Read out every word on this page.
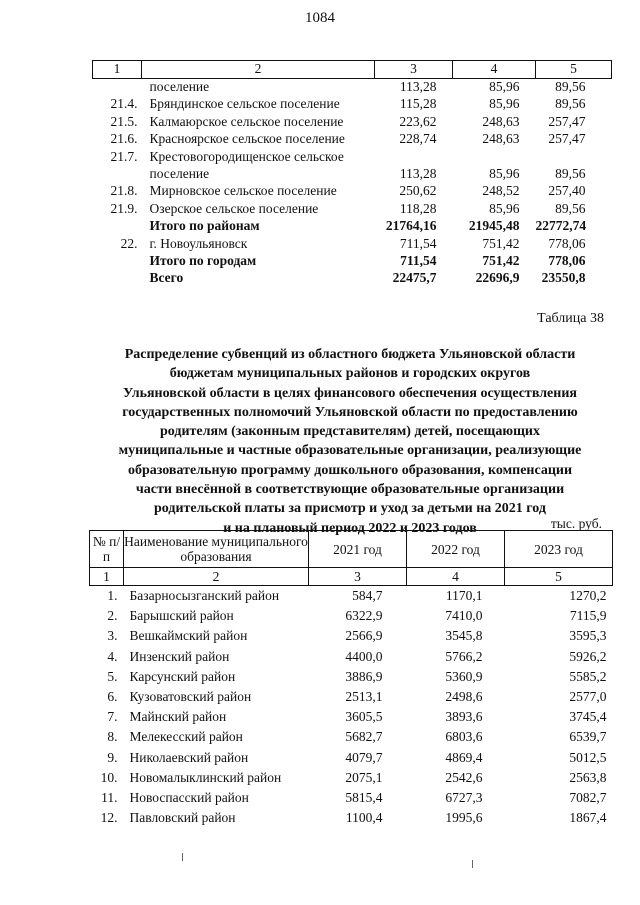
1084
1	2	3	4	5
	поселение	113,28	85,96	89,56
21.4.	Бряндинское сельское поселение	115,28	85,96	89,56
21.5.	Калмаюрское сельское поселение	223,62	248,63	257,47
21.6.	Красноярское сельское поселение	228,74	248,63	257,47
21.7.	Крестовогородищенское сельское			
	поселение	113,28	85,96	89,56
21.8.	Мирновское сельское поселение	250,62	248,52	257,40
21.9.	Озерское сельское поселение	118,28	85,96	89,56
	Итого по районам	21764,16	21945,48	22772,74
22.	г. Новоульяновск	711,54	751,42	778,06
	Итого по городам	711,54	751,42	778,06
	Всего	22475,7	22696,9	23550,8
Таблица 38
Распределение субвенций из областного бюджета Ульяновской области
бюджетам муниципальных районов и городских округов
Ульяновской области в целях финансового обеспечения осуществления
государственных полномочий Ульяновской области по предоставлению
родителям (законным представителям) детей, посещающих
муниципальные и частные образовательные организации, реализующие
образовательную программу дошкольного образования, компенсации
части внесённой в соответствующие образовательные организации
родительской платы за присмотр и уход за детьми на 2021 год
и на плановый период 2022 и 2023 годов	тыс. руб.
№ п/п	Наименование муниципального образования	2021 год	2022 год	2023 год
1	2	3	4	5
1.	Базарносызганский район	584,7	1170,1	1270,2
2.	Барышский район	6322,9	7410,0	7115,9
3.	Вешкаймский район	2566,9	3545,8	3595,3
4.	Инзенский район	4400,0	5766,2	5926,2
5.	Карсунский район	3886,9	5360,9	5585,2
6.	Кузоватовский район	2513,1	2498,6	2577,0
7.	Майнский район	3605,5	3893,6	3745,4
8.	Мелекесский район	5682,7	6803,6	6539,7
9.	Николаевский район	4079,7	4869,4	5012,5
10.	Новомалыклинский район	2075,1	2542,6	2563,8
11.	Новоспасский район	5815,4	6727,3	7082,7
12.	Павловский район	1100,4	1995,6	1867,4
